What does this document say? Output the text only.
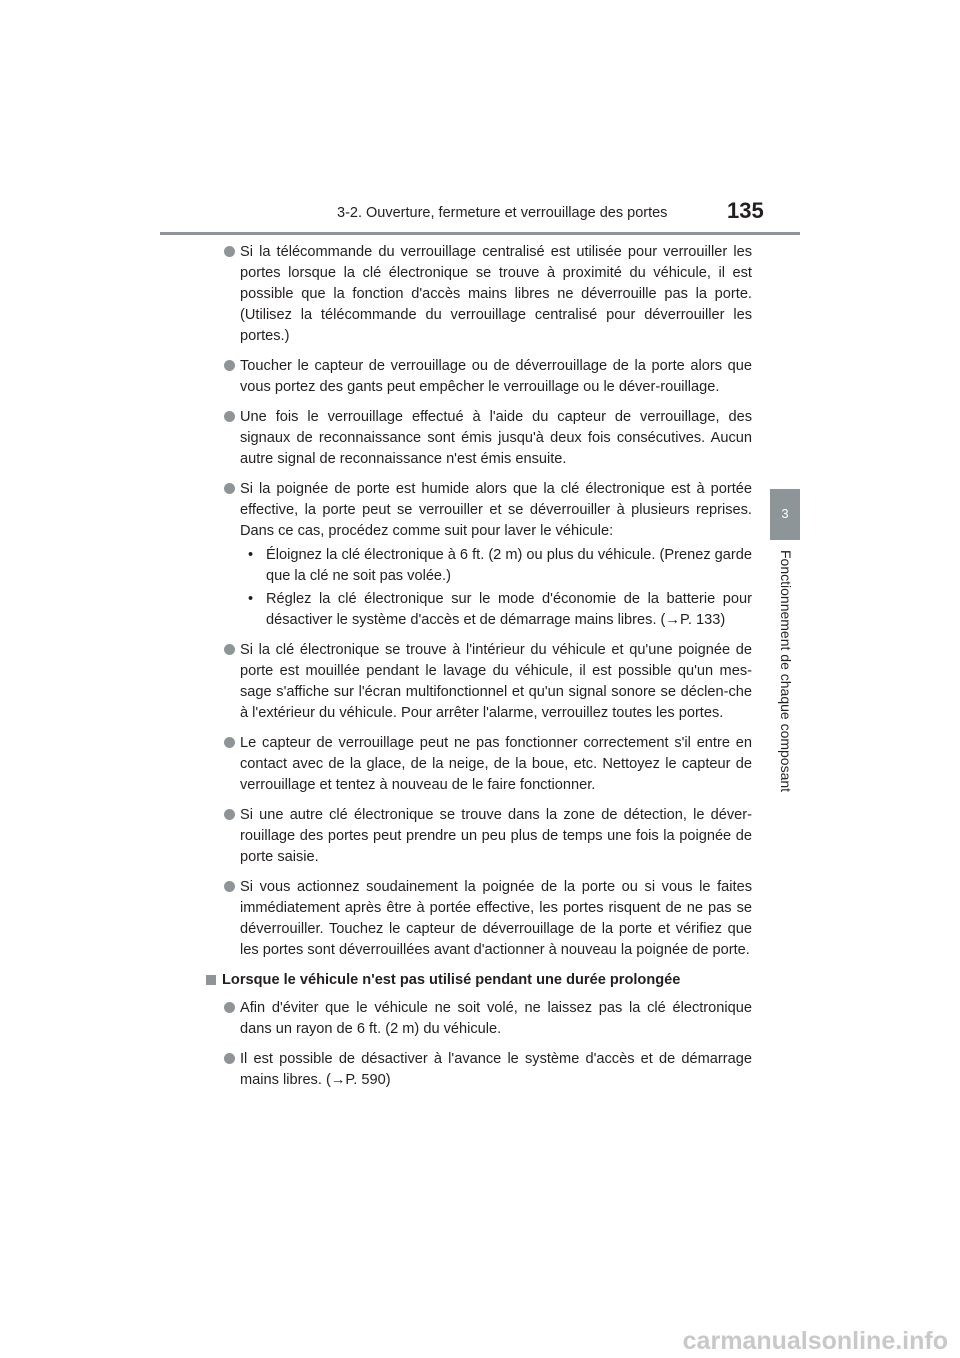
3-2. Ouverture, fermeture et verrouillage des portes	135
3
Fonctionnement de chaque composant
Si la télécommande du verrouillage centralisé est utilisée pour verrouiller les portes lorsque la clé électronique se trouve à proximité du véhicule, il est possible que la fonction d'accès mains libres ne déverrouille pas la porte. (Utilisez la télécommande du verrouillage centralisé pour déverrouiller les portes.)
Toucher le capteur de verrouillage ou de déverrouillage de la porte alors que vous portez des gants peut empêcher le verrouillage ou le déver-rouillage.
Une fois le verrouillage effectué à l'aide du capteur de verrouillage, des signaux de reconnaissance sont émis jusqu'à deux fois consécutives. Aucun autre signal de reconnaissance n'est émis ensuite.
Si la poignée de porte est humide alors que la clé électronique est à portée effective, la porte peut se verrouiller et se déverrouiller à plusieurs reprises. Dans ce cas, procédez comme suit pour laver le véhicule:
• Éloignez la clé électronique à 6 ft. (2 m) ou plus du véhicule. (Prenez garde que la clé ne soit pas volée.)
• Réglez la clé électronique sur le mode d'économie de la batterie pour désactiver le système d'accès et de démarrage mains libres. (→P. 133)
Si la clé électronique se trouve à l'intérieur du véhicule et qu'une poignée de porte est mouillée pendant le lavage du véhicule, il est possible qu'un mes-sage s'affiche sur l'écran multifonctionnel et qu'un signal sonore se déclen-che à l'extérieur du véhicule. Pour arrêter l'alarme, verrouillez toutes les portes.
Le capteur de verrouillage peut ne pas fonctionner correctement s'il entre en contact avec de la glace, de la neige, de la boue, etc. Nettoyez le capteur de verrouillage et tentez à nouveau de le faire fonctionner.
Si une autre clé électronique se trouve dans la zone de détection, le déver-rouillage des portes peut prendre un peu plus de temps une fois la poignée de porte saisie.
Si vous actionnez soudainement la poignée de la porte ou si vous le faites immédiatement après être à portée effective, les portes risquent de ne pas se déverrouiller. Touchez le capteur de déverrouillage de la porte et vérifiez que les portes sont déverrouillées avant d'actionner à nouveau la poignée de porte.
Lorsque le véhicule n'est pas utilisé pendant une durée prolongée
Afin d'éviter que le véhicule ne soit volé, ne laissez pas la clé électronique dans un rayon de 6 ft. (2 m) du véhicule.
Il est possible de désactiver à l'avance le système d'accès et de démarrage mains libres. (→P. 590)
carmanualsonline.info
